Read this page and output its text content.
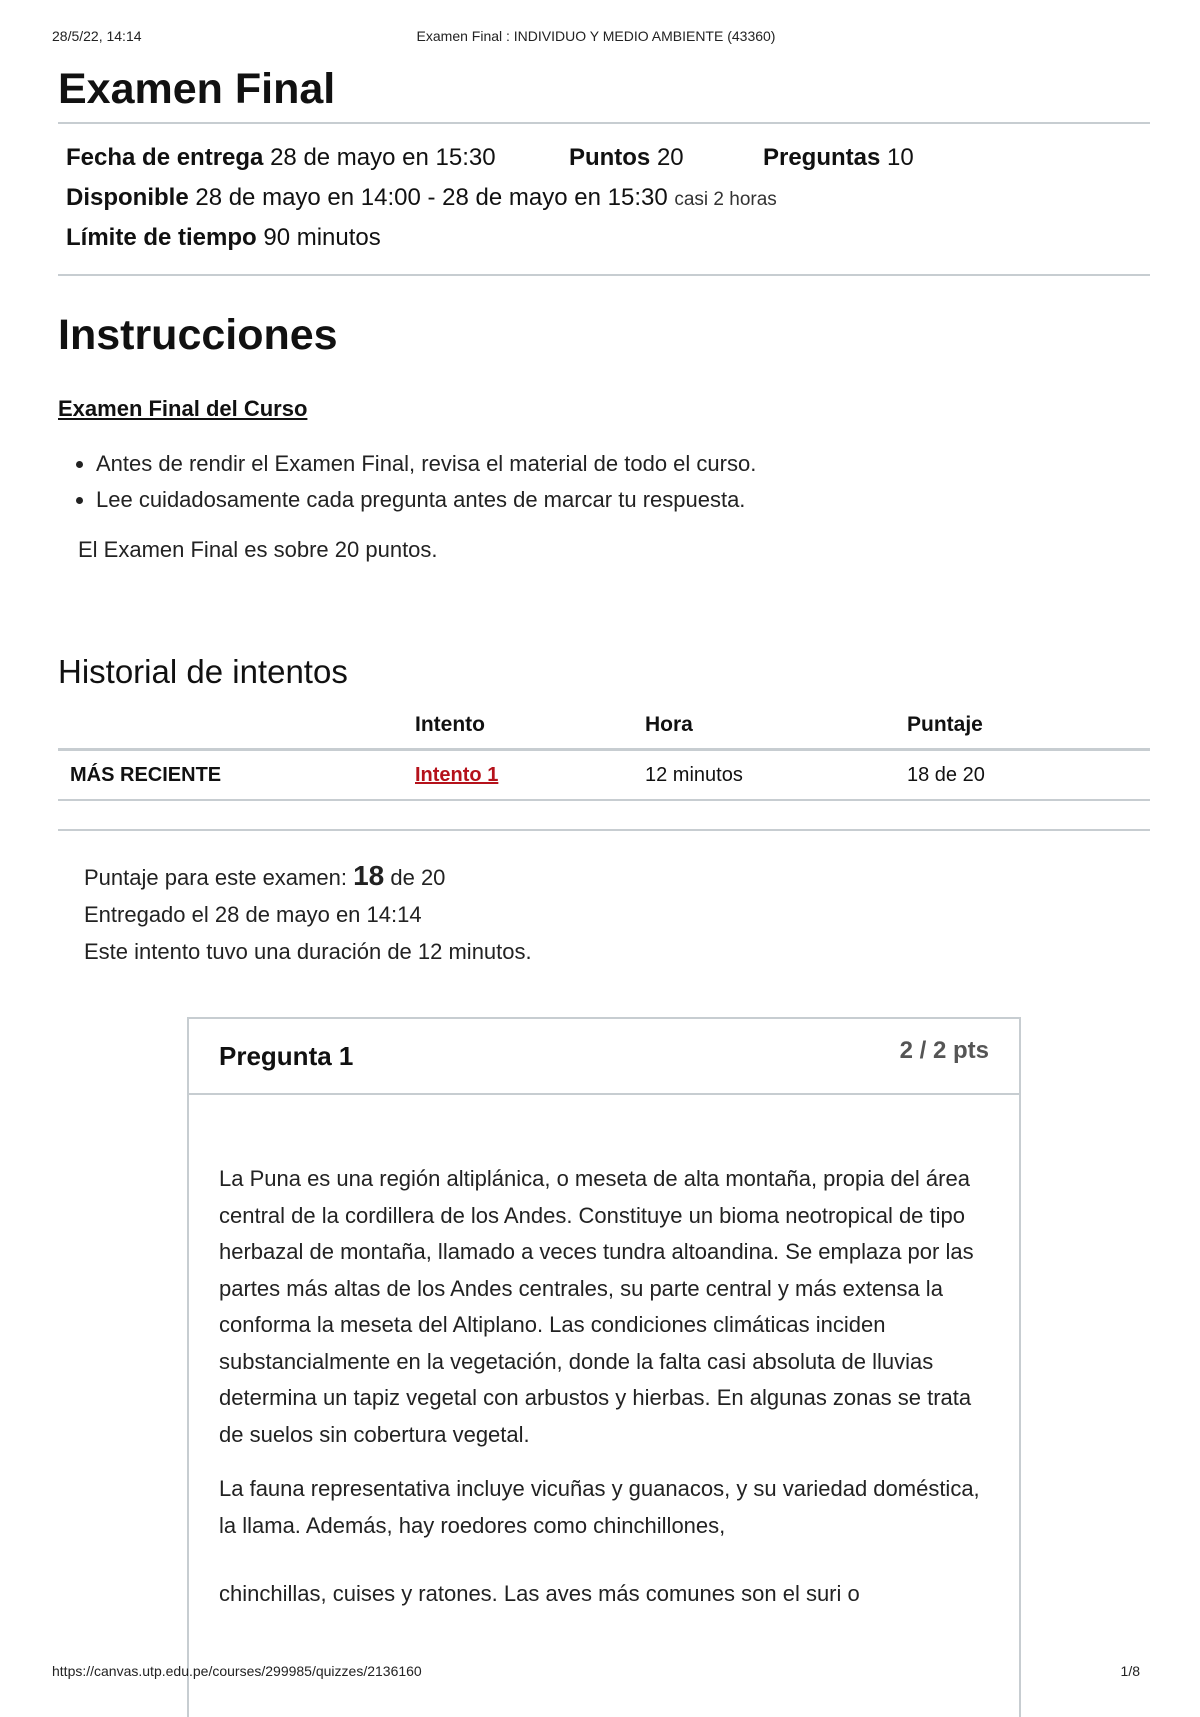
28/5/22, 14:14	Examen Final : INDIVIDUO Y MEDIO AMBIENTE (43360)
Examen Final
Fecha de entrega 28 de mayo en 15:30	Puntos 20	Preguntas 10
Disponible 28 de mayo en 14:00 - 28 de mayo en 15:30 casi 2 horas
Límite de tiempo 90 minutos
Instrucciones
Examen Final del Curso
• Antes de rendir el Examen Final, revisa el material de todo el curso.
• Lee cuidadosamente cada pregunta antes de marcar tu respuesta.
El Examen Final es sobre 20 puntos.
Historial de intentos
	Intento	Hora	Puntaje
MÁS RECIENTE	Intento 1	12 minutos	18 de 20
Puntaje para este examen: 18 de 20
Entregado el 28 de mayo en 14:14
Este intento tuvo una duración de 12 minutos.
Pregunta 1	2 / 2 pts

La Puna es una región altiplánica, o meseta de alta montaña, propia del área central de la cordillera de los Andes. Constituye un bioma neotropical de tipo herbazal de montaña, llamado a veces tundra altoandina. Se emplaza por las partes más altas de los Andes centrales, su parte central y más extensa la conforma la meseta del Altiplano. Las condiciones climáticas inciden substancialmente en la vegetación, donde la falta casi absoluta de lluvias determina un tapiz vegetal con arbustos y hierbas. En algunas zonas se trata de suelos sin cobertura vegetal.

La fauna representativa incluye vicuñas y guanacos, y su variedad doméstica, la llama. Además, hay roedores como chinchillones,

chinchillas, cuises y ratones. Las aves más comunes son el suri o

https://canvas.utp.edu.pe/courses/299985/quizzes/2136160	1/8
